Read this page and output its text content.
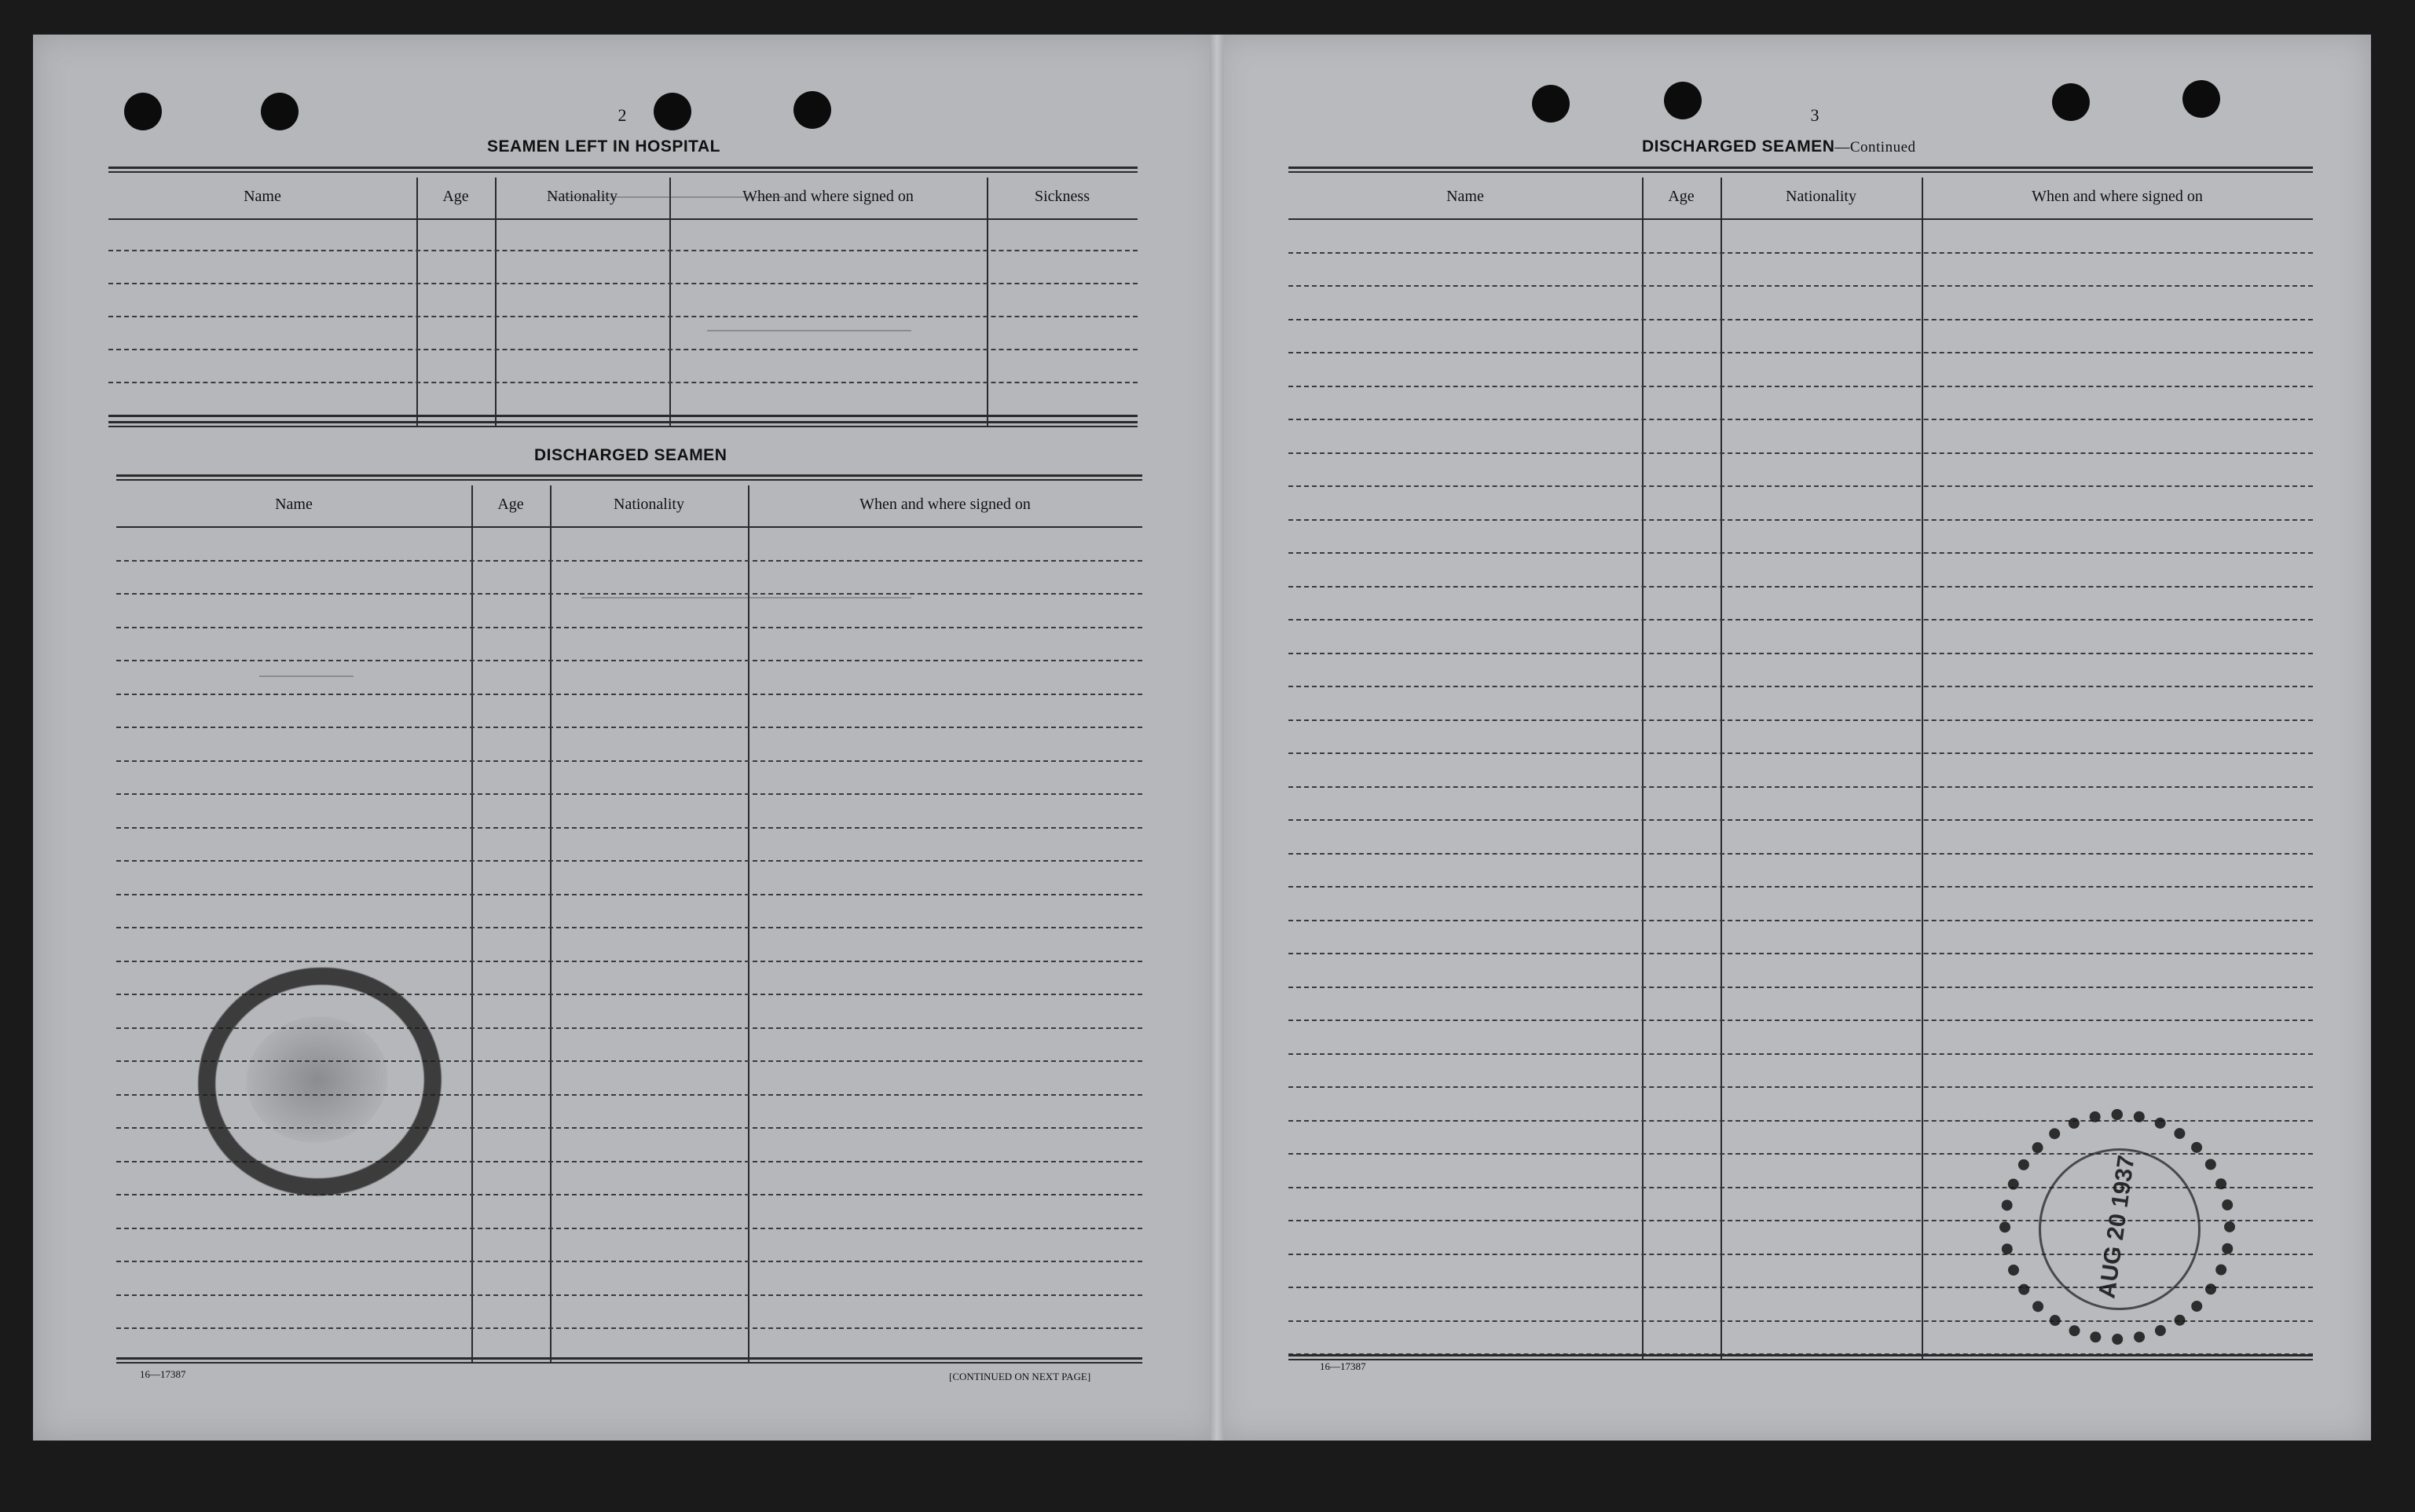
2
SEAMEN LEFT IN HOSPITAL
Name	Age	Nationality	When and where signed on	Sickness
DISCHARGED SEAMEN
Name	Age	Nationality	When and where signed on
16—17387	[CONTINUED ON NEXT PAGE]
3
DISCHARGED SEAMEN—Continued
Name	Age	Nationality	When and where signed on
16—17387
AUG 20 1937
